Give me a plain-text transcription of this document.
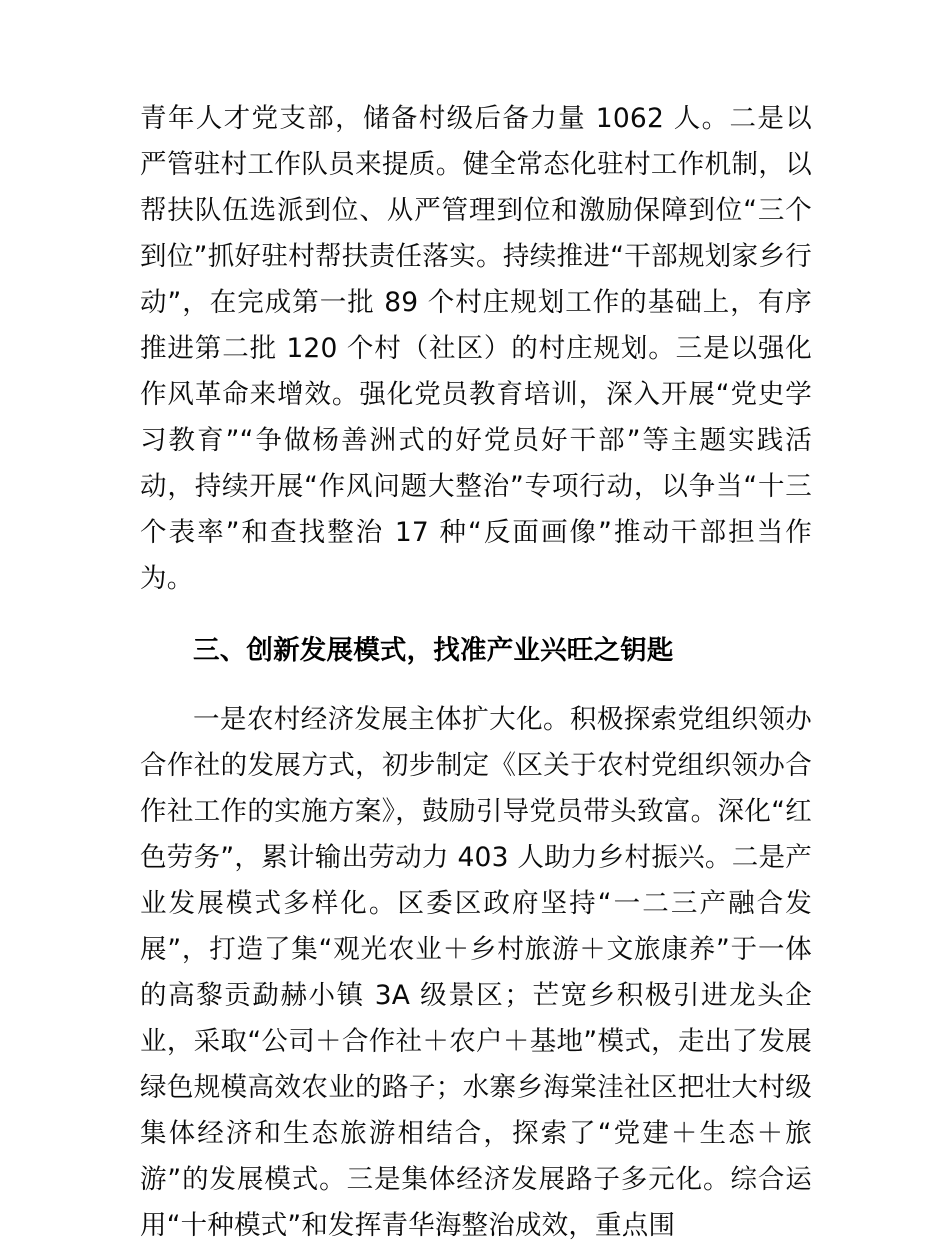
青年人才党支部，储备村级后备力量 1062 人。二是以严管驻村工作队员来提质。健全常态化驻村工作机制，以帮扶队伍选派到位、从严管理到位和激励保障到位“三个到位”抓好驻村帮扶责任落实。持续推进“干部规划家乡行动”，在完成第一批 89 个村庄规划工作的基础上，有序推进第二批 120 个村（社区）的村庄规划。三是以强化作风革命来增效。强化党员教育培训，深入开展“党史学习教育”“争做杨善洲式的好党员好干部”等主题实践活动，持续开展“作风问题大整治”专项行动，以争当“十三个表率”和查找整治 17 种“反面画像”推动干部担当作为。

三、创新发展模式，找准产业兴旺之钥匙

一是农村经济发展主体扩大化。积极探索党组织领办合作社的发展方式，初步制定《区关于农村党组织领办合作社工作的实施方案》，鼓励引导党员带头致富。深化“红色劳务”，累计输出劳动力 403 人助力乡村振兴。二是产业发展模式多样化。区委区政府坚持“一二三产融合发展”，打造了集“观光农业＋乡村旅游＋文旅康养”于一体的高黎贡勐赫小镇 3A 级景区；芒宽乡积极引进龙头企业，采取“公司＋合作社＋农户＋基地”模式，走出了发展绿色规模高效农业的路子；水寨乡海棠洼社区把壮大村级集体经济和生态旅游相结合，探索了“党建＋生态＋旅游”的发展模式。三是集体经济发展路子多元化。综合运用“十种模式”和发挥青华海整治成效，重点围
